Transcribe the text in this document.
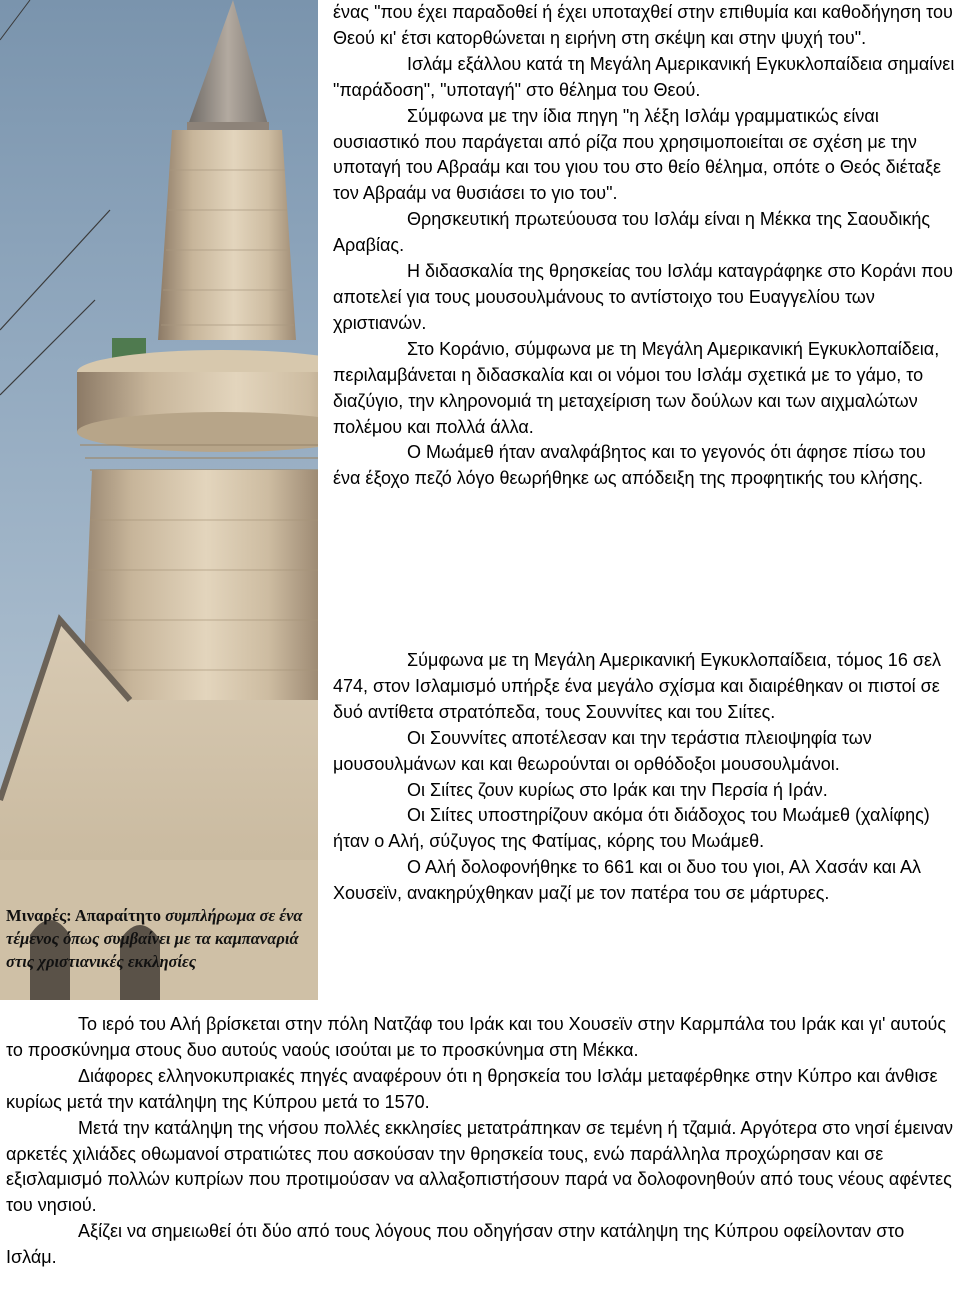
Μιναρές: Απαραίτητο συμπλήρωμα σε ένα τέμενος όπως συμβαίνει με τα καμπαναριά στις χριστιανικές εκκλησίες

ένας "που έχει παραδοθεί ή έχει υποταχθεί στην επιθυμία και καθοδήγηση του Θεού κι' έτσι κατορθώνεται η ειρήνη στη σκέψη και στην ψυχή του".

Ισλάμ εξάλλου κατά τη Μεγάλη Αμερικανική Εγκυκλοπαίδεια σημαίνει "παράδοση", "υποταγή" στο θέλημα του Θεού.

Σύμφωνα με την ίδια πηγη "η λέξη Ισλάμ γραμματικώς είναι ουσιαστικό που παράγεται από ρίζα που χρησιμοποιείται σε σχέση με την υποταγή του Αβραάμ και του γιου του στο θείο θέλημα, οπότε ο Θεός διέταξε τον Αβραάμ να θυσιάσει το γιο του".

Θρησκευτική πρωτεύουσα του Ισλάμ είναι η Μέκκα της Σαουδικής Αραβίας.

Η διδασκαλία της θρησκείας του Ισλάμ καταγράφηκε στο Κοράνι που αποτελεί για τους μουσουλμάνους το αντίστοιχο του Ευαγγελίου των χριστιανών.

Στο Κοράνιο, σύμφωνα με τη Μεγάλη Αμερικανική Εγκυκλοπαίδεια, περιλαμβάνεται η διδασκαλία και οι νόμοι του Ισλάμ σχετικά με το γάμο, το διαζύγιο, την κληρονομιά τη μεταχείριση των δούλων και των αιχμαλώτων πολέμου και πολλά άλλα.

Ο Μωάμεθ ήταν αναλφάβητος και το γεγονός ότι άφησε πίσω του ένα έξοχο πεζό λόγο θεωρήθηκε ως απόδειξη της προφητικής του κλήσης.

Σύμφωνα με τη Μεγάλη Αμερικανική Εγκυκλοπαίδεια, τόμος 16 σελ 474, στον Ισλαμισμό υπήρξε ένα μεγάλο σχίσμα και διαιρέθηκαν οι πιστοί σε δυό αντίθετα στρατόπεδα, τους Σουννίτες και του Σιίτες.

Οι Σουννίτες αποτέλεσαν και την τεράστια πλειοψηφία των μουσουλμάνων και και θεωρούνται οι ορθόδοξοι μουσουλμάνοι.

Οι Σιίτες ζουν κυρίως στο Ιράκ και την Περσία ή Ιράν.

Οι Σιίτες υποστηρίζουν ακόμα ότι διάδοχος του Μωάμεθ (χαλίφης) ήταν ο Αλή, σύζυγος της Φατίμας, κόρης του Μωάμεθ.

Ο Αλή δολοφονήθηκε το 661 και οι δυο του γιοι, Αλ Χασάν και Αλ Χουσεϊν, ανακηρύχθηκαν μαζί με τον πατέρα του σε μάρτυρες.

Το ιερό του Αλή βρίσκεται στην πόλη Νατζάφ του Ιράκ και του Χουσεϊν στην Καρμπάλα του Ιράκ και γι' αυτούς το προσκύνημα στους δυο αυτούς ναούς ισούται με το προσκύνημα στη Μέκκα.

Διάφορες ελληνοκυπριακές πηγές αναφέρουν ότι η θρησκεία του Ισλάμ μεταφέρθηκε στην Κύπρο και άνθισε κυρίως μετά την κατάληψη της Κύπρου μετά το 1570.

Μετά την κατάληψη της νήσου πολλές εκκλησίες μετατράπηκαν σε τεμένη ή τζαμιά. Αργότερα στο νησί έμειναν αρκετές χιλιάδες οθωμανοί στρατιώτες που ασκούσαν την θρησκεία τους, ενώ παράλληλα προχώρησαν και σε εξισλαμισμό πολλών κυπρίων που προτιμούσαν να αλλαξοπιστήσουν παρά να δολοφονηθούν από τους νέους αφέντες του νησιού.

Αξίζει να σημειωθεί ότι δύο από τους λόγους που οδηγήσαν στην κατάληψη της Κύπρου οφείλονταν στο Ισλάμ.
